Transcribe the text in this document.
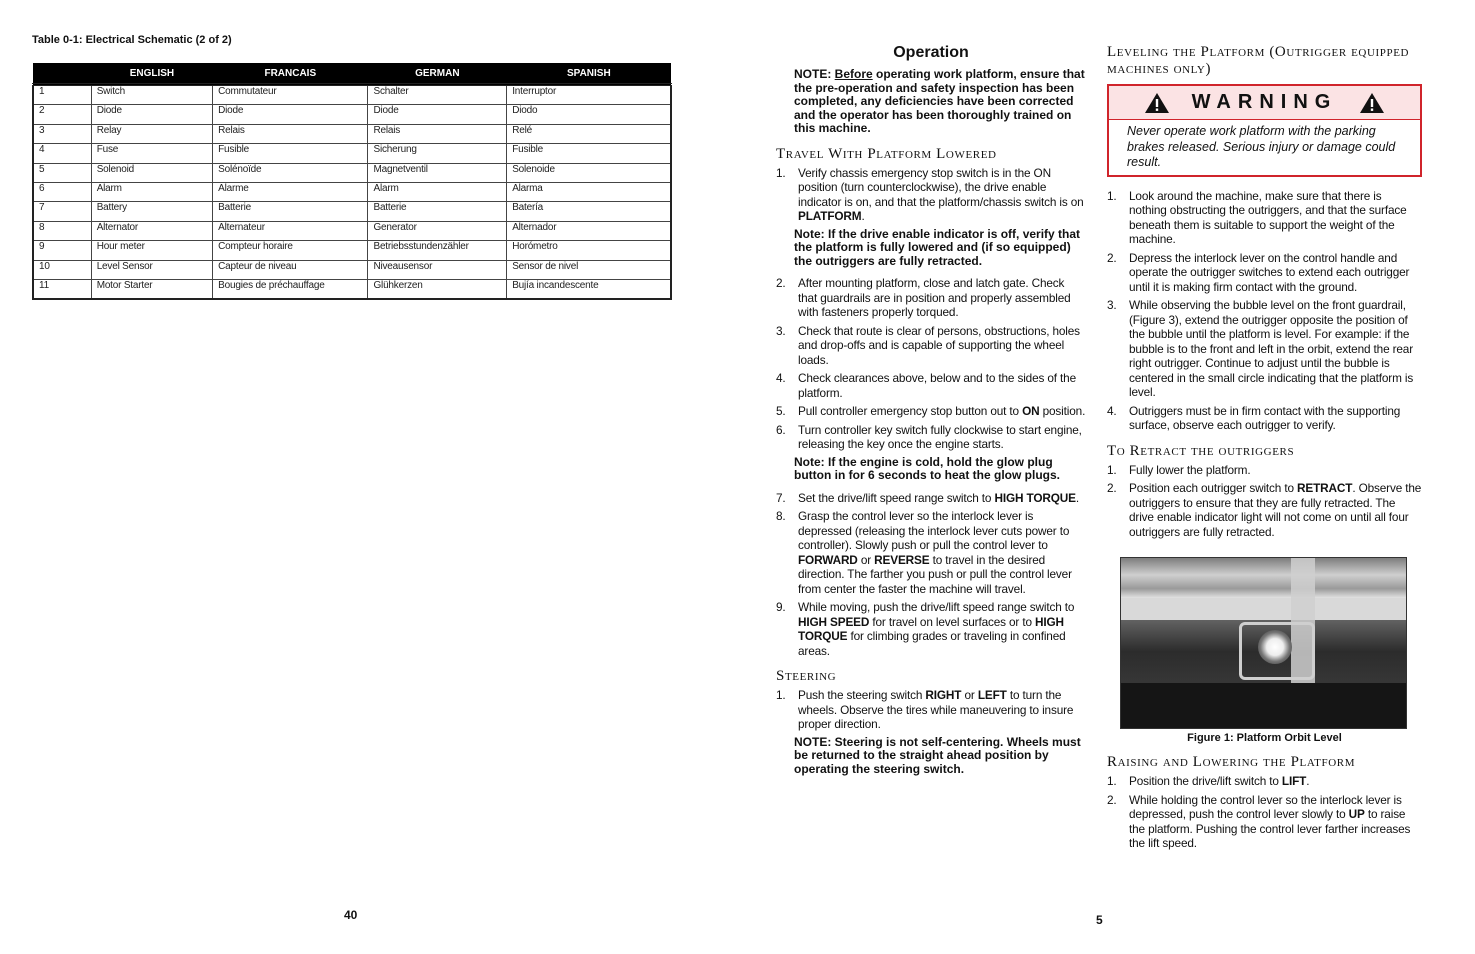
Table 0-1: Electrical Schematic (2 of 2)
	ENGLISH	FRANCAIS	GERMAN	SPANISH
1	Switch	Commutateur	Schalter	Interruptor
2	Diode	Diode	Diode	Diodo
3	Relay	Relais	Relais	Relé
4	Fuse	Fusible	Sicherung	Fusible
5	Solenoid	Solénoïde	Magnetventil	Solenoide
6	Alarm	Alarme	Alarm	Alarma
7	Battery	Batterie	Batterie	Batería
8	Alternator	Alternateur	Generator	Alternador
9	Hour meter	Compteur horaire	Betriebsstundenzähler	Horómetro
10	Level Sensor	Capteur de niveau	Niveausensor	Sensor de nivel
11	Motor Starter	Bougies de préchauffage	Glühkerzen	Bujía incandescente
40
Operation
NOTE: Before operating work platform, ensure that the pre-operation and safety inspection has been completed, any deficiencies have been corrected and the operator has been thoroughly trained on this machine.
Travel With Platform Lowered
1. Verify chassis emergency stop switch is in the ON position (turn counterclockwise), the drive enable indicator is on, and that the platform/chassis switch is on PLATFORM.
Note: If the drive enable indicator is off, verify that the platform is fully lowered and (if so equipped) the outriggers are fully retracted.
2. After mounting platform, close and latch gate. Check that guardrails are in position and properly assembled with fasteners properly torqued.
3. Check that route is clear of persons, obstructions, holes and drop-offs and is capable of supporting the wheel loads.
4. Check clearances above, below and to the sides of the platform.
5. Pull controller emergency stop button out to ON position.
6. Turn controller key switch fully clockwise to start engine, releasing the key once the engine starts.
Note: If the engine is cold, hold the glow plug button in for 6 seconds to heat the glow plugs.
7. Set the drive/lift speed range switch to HIGH TORQUE.
8. Grasp the control lever so the interlock lever is depressed (releasing the interlock lever cuts power to controller). Slowly push or pull the control lever to FORWARD or REVERSE to travel in the desired direction. The farther you push or pull the control lever from center the faster the machine will travel.
9. While moving, push the drive/lift speed range switch to HIGH SPEED for travel on level surfaces or to HIGH TORQUE for climbing grades or traveling in confined areas.
Steering
1. Push the steering switch RIGHT or LEFT to turn the wheels. Observe the tires while maneuvering to insure proper direction.
NOTE: Steering is not self-centering. Wheels must be returned to the straight ahead position by operating the steering switch.
Leveling the Platform (Outrigger equipped machines only)
WARNING
Never operate work platform with the parking brakes released. Serious injury or damage could result.
1. Look around the machine, make sure that there is nothing obstructing the outriggers, and that the surface beneath them is suitable to support the weight of the machine.
2. Depress the interlock lever on the control handle and operate the outrigger switches to extend each outrigger until it is making firm contact with the ground.
3. While observing the bubble level on the front guardrail, (Figure 3), extend the outrigger opposite the position of the bubble until the platform is level. For example: if the bubble is to the front and left in the orbit, extend the rear right outrigger. Continue to adjust until the bubble is centered in the small circle indicating that the platform is level.
4. Outriggers must be in firm contact with the supporting surface, observe each outrigger to verify.
To Retract the outriggers
1. Fully lower the platform.
2. Position each outrigger switch to RETRACT. Observe the outriggers to ensure that they are fully retracted. The drive enable indicator light will not come on until all four outriggers are fully retracted.
Figure 1: Platform Orbit Level
Raising and Lowering the Platform
1. Position the drive/lift switch to LIFT.
2. While holding the control lever so the interlock lever is depressed, push the control lever slowly to UP to raise the platform. Pushing the control lever farther increases the lift speed.
5
